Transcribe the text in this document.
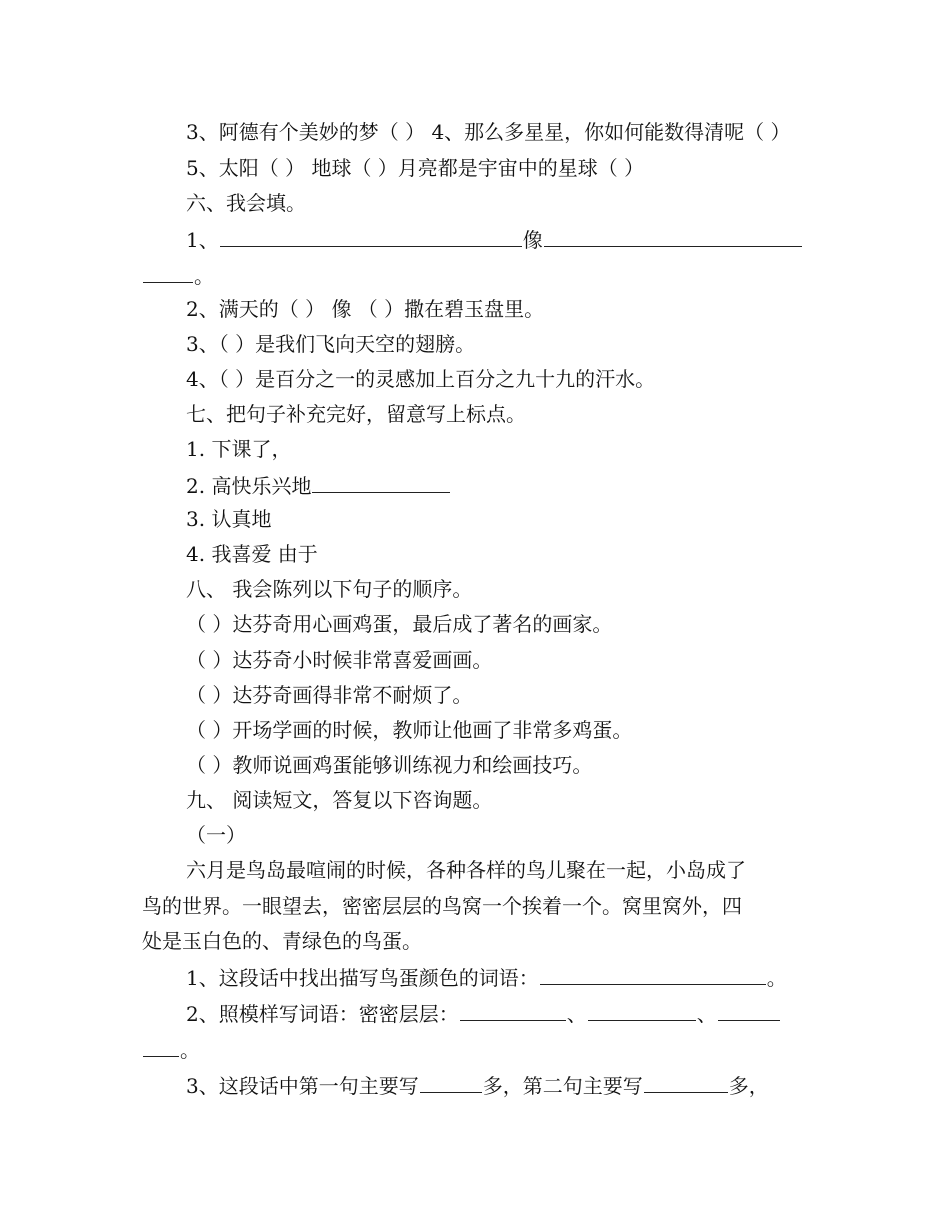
3、阿德有个美妙的梦（ ） 4、那么多星星，你如何能数得清呢（ ）
5、太阳（ ） 地球（ ）月亮都是宇宙中的星球（ ）
六、我会填。
1、	像
。
2、满天的（ ） 像 （ ）撒在碧玉盘里。
3、（ ）是我们飞向天空的翅膀。
4、（ ）是百分之一的灵感加上百分之九十九的汗水。
七、把句子补充完好，留意写上标点。
1. 下课了，
2. 高快乐兴地
3. 认真地
4. 我喜爱 由于
八、 我会陈列以下句子的顺序。
（ ）达芬奇用心画鸡蛋，最后成了著名的画家。
（ ）达芬奇小时候非常喜爱画画。
（ ）达芬奇画得非常不耐烦了。
（ ）开场学画的时候，教师让他画了非常多鸡蛋。
（ ）教师说画鸡蛋能够训练视力和绘画技巧。
九、 阅读短文，答复以下咨询题。
（一）
六月是鸟岛最喧闹的时候，各种各样的鸟儿聚在一起，小岛成了
鸟的世界。一眼望去，密密层层的鸟窝一个挨着一个。窝里窝外，四
处是玉白色的、青绿色的鸟蛋。
1、这段话中找出描写鸟蛋颜色的词语：	。
2、照模样写词语：密密层层：	、	、
。
3、这段话中第一句主要写	多，第二句主要写	多，
